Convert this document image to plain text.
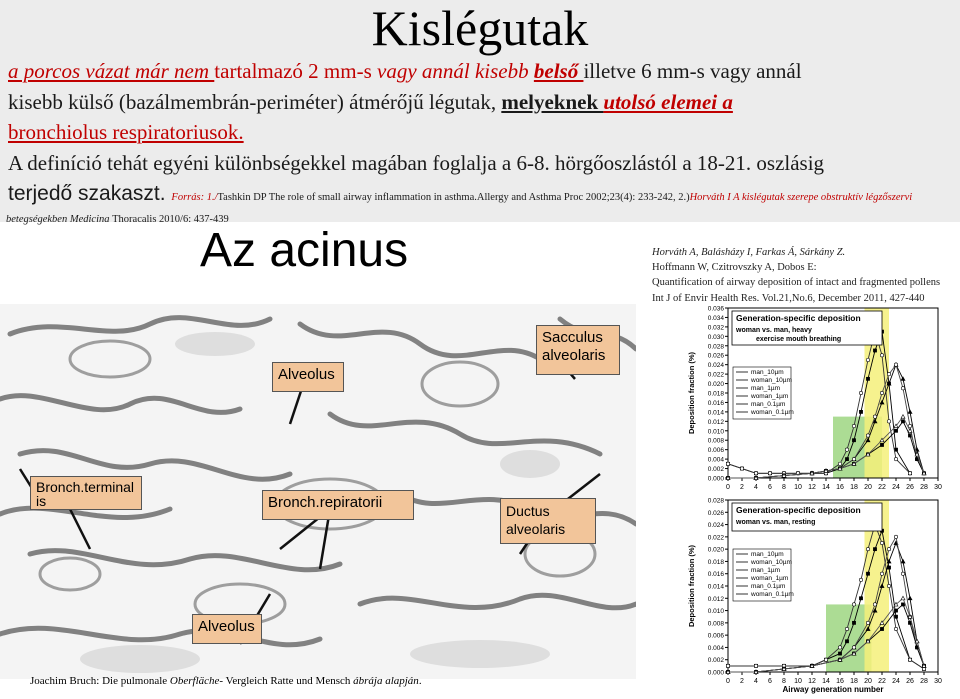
Kislégutak
a porcos vázat már nem tartalmazó 2 mm-s vagy annál kisebb belső illetve 6 mm-s vagy annál
kisebb külső (bazálmembrán-periméter) átmérőjű légutak, melyeknek utolsó elemei a
bronchiolus respiratoriusok.
A definíció tehát egyéni különbségekkel magában foglalja a 6-8. hörgőoszlástól a 18-21. oszlásig
terjedő szakaszt. Forrás: 1./Tashkin DP The role of small airway inflammation in asthma.Allergy and Asthma Proc 2002;23(4): 233-242, 2.)Horváth I A kislégutak szerepe obstruktív légzőszervi
betegségekben Medicina Thoracalis 2010/6: 437-439
Az acinus	Horváth A, Balásházy I, Farkas Á, Sárkány Z.
Hoffmann W, Czitrovszky A, Dobos E:
Quantification of airway deposition of intact and fragmented pollens
Int J of Envir Health Res. Vol.21,No.6, December 2011, 427-440
Alveolus
Sacculus alveolaris
Bronch.terminal is	Bronch.repiratorii	Ductus alveolaris
Alveolus
Joachim Bruch: Die pulmonale Oberfläche- Vergleich Ratte und Mensch ábrája alapján.
0.000
0.002
0.004
0.006
0.008
0.010
0.012
0.014
0.016
0.018
0.020
0.022
0.024
0.026
0.028
0.030
0.032
0.034
0.036
0 2 4 6 8 10 12 14 16 18 20 22 24 26 28 30
Deposition fraction (%)
Generation-specific deposition
woman vs. man, heavy
exercise mouth breathing
man_10µm
woman_10µm
man_1µm
woman_1µm
man_0.1µm
woman_0.1µm
0.000
0.002
0.004
0.006
0.008
0.010
0.012
0.014
0.016
0.018
0.020
0.022
0.024
0.026
0.028
0 2 4 6 8 10 12 14 16 18 20 22 24 26 28 30
Deposition fraction (%)
Airway generation number
Generation-specific deposition
woman vs. man, resting
man_10µm
woman_10µm
man_1µm
woman_1µm
man_0.1µm
woman_0.1µm
